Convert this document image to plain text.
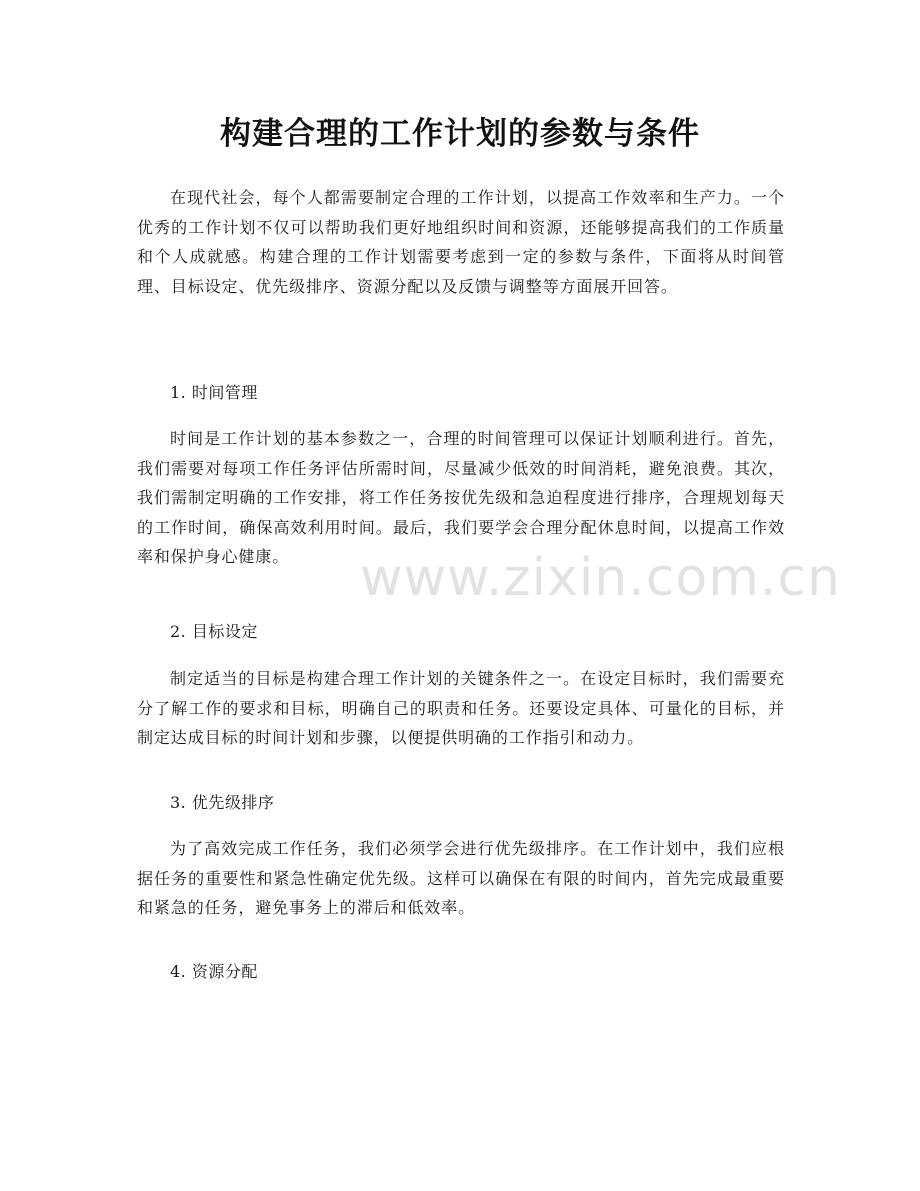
构建合理的工作计划的参数与条件

在现代社会，每个人都需要制定合理的工作计划，以提高工作效率和生产力。一个优秀的工作计划不仅可以帮助我们更好地组织时间和资源，还能够提高我们的工作质量和个人成就感。构建合理的工作计划需要考虑到一定的参数与条件，下面将从时间管理、目标设定、优先级排序、资源分配以及反馈与调整等方面展开回答。

1. 时间管理

时间是工作计划的基本参数之一，合理的时间管理可以保证计划顺利进行。首先，我们需要对每项工作任务评估所需时间，尽量减少低效的时间消耗，避免浪费。其次，我们需制定明确的工作安排，将工作任务按优先级和急迫程度进行排序，合理规划每天的工作时间，确保高效利用时间。最后，我们要学会合理分配休息时间，以提高工作效率和保护身心健康。

2. 目标设定

制定适当的目标是构建合理工作计划的关键条件之一。在设定目标时，我们需要充分了解工作的要求和目标，明确自己的职责和任务。还要设定具体、可量化的目标，并制定达成目标的时间计划和步骤，以便提供明确的工作指引和动力。

3. 优先级排序

为了高效完成工作任务，我们必须学会进行优先级排序。在工作计划中，我们应根据任务的重要性和紧急性确定优先级。这样可以确保在有限的时间内，首先完成最重要和紧急的任务，避免事务上的滞后和低效率。

4. 资源分配

www.zixin.com.cn
